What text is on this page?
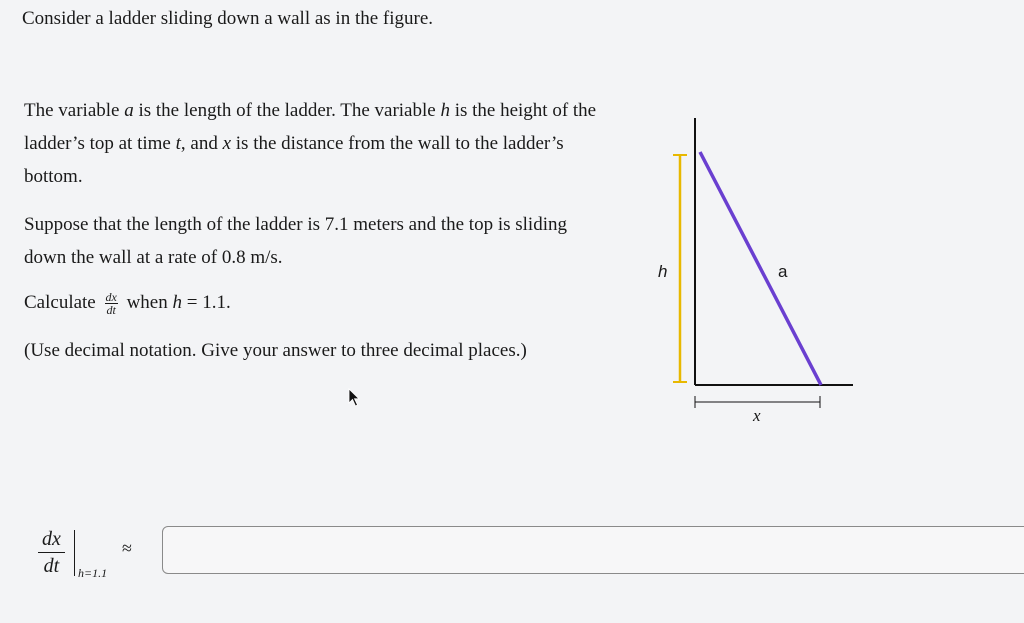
Consider a ladder sliding down a wall as in the figure.
The variable a is the length of the ladder. The variable h is the height of the ladder’s top at time t, and x is the distance from the wall to the ladder’s bottom.
Suppose that the length of the ladder is 7.1 meters and the top is sliding down the wall at a rate of 0.8 m/s.
Calculate $\frac{dx}{dt}$ when h = 1.1.
(Use decimal notation. Give your answer to three decimal places.)
h	a
x
$\frac{dx}{dt} h=1.1$
≈
